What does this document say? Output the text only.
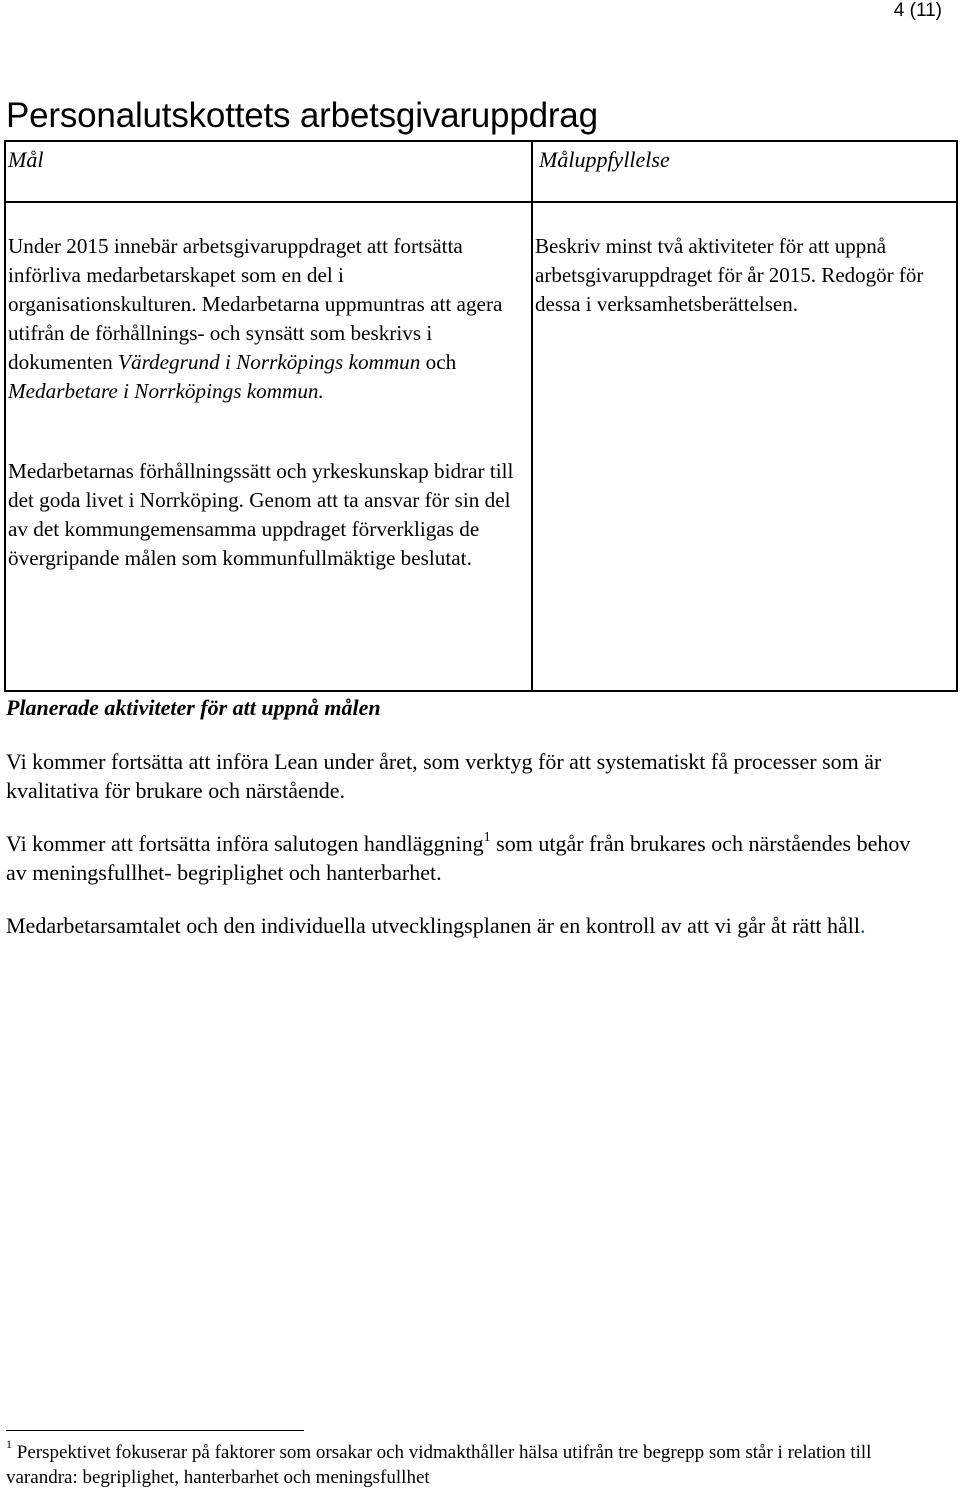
4 (11)
Personalutskottets arbetsgivaruppdrag
Mål	Måluppfyllelse
Under 2015 innebär arbetsgivaruppdraget att fortsätta införliva medarbetarskapet som en del i organisationskulturen. Medarbetarna uppmuntras att agera utifrån de förhållnings- och synsätt som beskrivs i dokumenten Värdegrund i Norrköpings kommun och Medarbetare i Norrköpings kommun.
Medarbetarnas förhållningssätt och yrkeskunskap bidrar till det goda livet i Norrköping. Genom att ta ansvar för sin del av det kommungemensamma uppdraget förverkligas de övergripande målen som kommunfullmäktige beslutat.
Beskriv minst två aktiviteter för att uppnå arbetsgivaruppdraget för år 2015. Redogör för dessa i verksamhetsberättelsen.
Planerade aktiviteter för att uppnå målen
Vi kommer fortsätta att införa Lean under året, som verktyg för att systematiskt få processer som är kvalitativa för brukare och närstående.
Vi kommer att fortsätta införa salutogen handläggning$^1$ som utgår från brukares och närståendes behov av meningsfullhet- begriplighet och hanterbarhet.
Medarbetarsamtalet och den individuella utvecklingsplanen är en kontroll av att vi går åt rätt håll.
$^1$ Perspektivet fokuserar på faktorer som orsakar och vidmakthåller hälsa utifrån tre begrepp som står i relation till varandra: begriplighet, hanterbarhet och meningsfullhet
